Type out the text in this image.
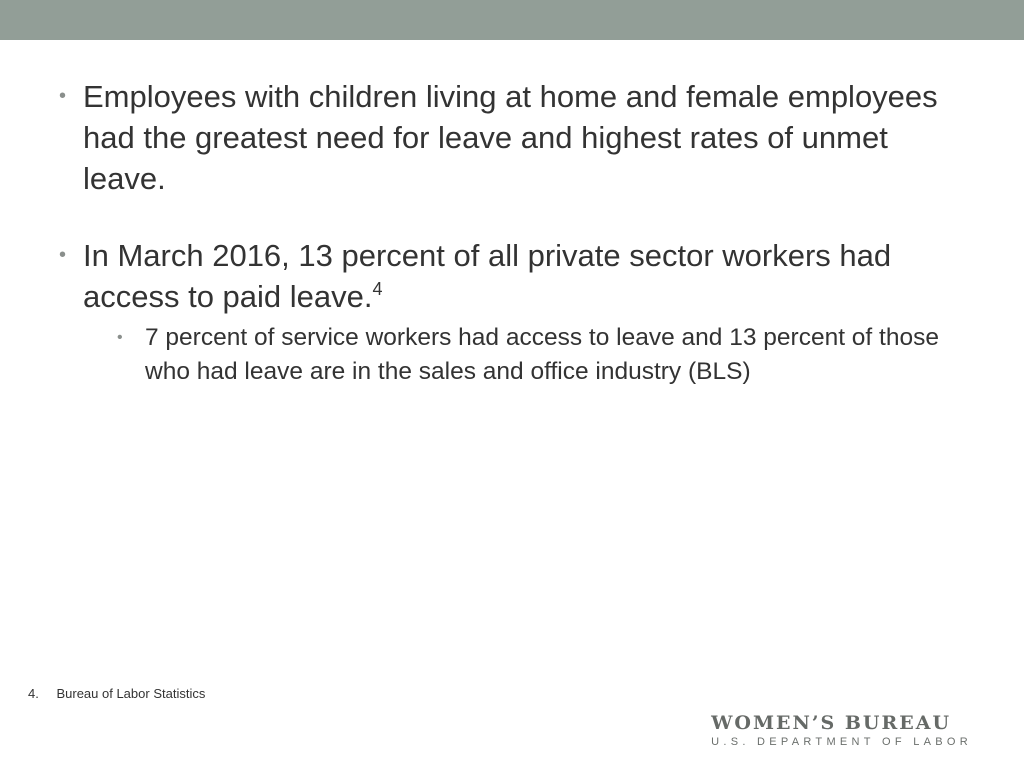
• Employees with children living at home and female employees had the greatest need for leave and highest rates of unmet leave.
• In March 2016, 13 percent of all private sector workers had access to paid leave.$^4$
• 7 percent of service workers had access to leave and 13 percent of those who had leave are in the sales and office industry (BLS)
4. Bureau of Labor Statistics
WOMEN’S BUREAU
U.S. DEPARTMENT OF LABOR
